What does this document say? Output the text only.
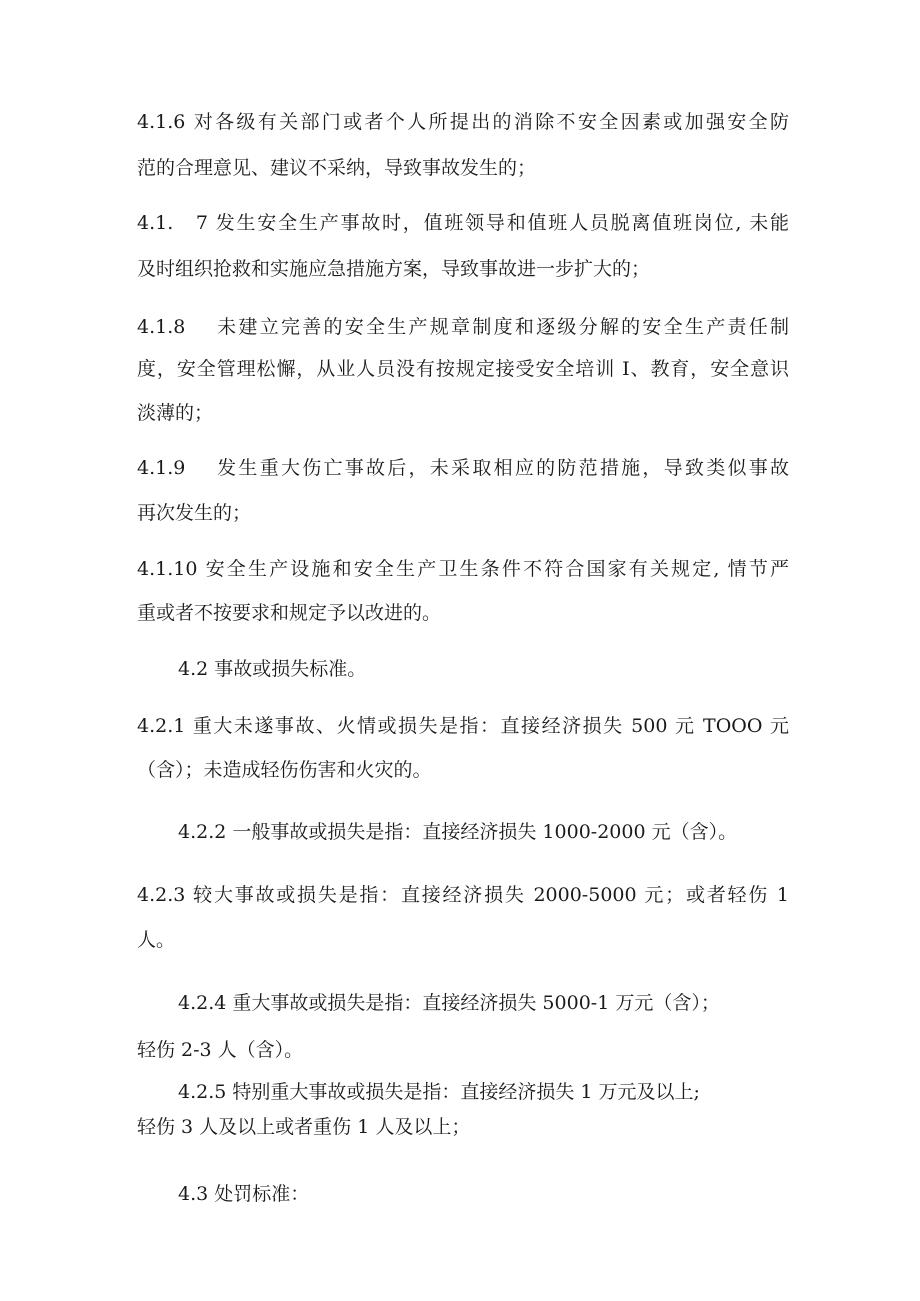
4.1.6 对各级有关部门或者个人所提出的消除不安全因素或加强安全防

范的合理意见、建议不采纳，导致事故发生的；

4.1.　7 发生安全生产事故时，值班领导和值班人员脱离值班岗位, 未能

及时组织抢救和实施应急措施方案，导致事故进一步扩大的；

4.1.8　 未建立完善的安全生产规章制度和逐级分解的安全生产责任制

度，安全管理松懈，从业人员没有按规定接受安全培训 I、教育，安全意识

淡薄的；

4.1.9　 发生重大伤亡事故后，未采取相应的防范措施，导致类似事故

再次发生的；

4.1.10 安全生产设施和安全生产卫生条件不符合国家有关规定, 情节严

重或者不按要求和规定予以改进的。

4.2 事故或损失标准。

4.2.1 重大未遂事故、火情或损失是指：直接经济损失 500 元 TOOO 元

（含）；未造成轻伤伤害和火灾的。

4.2.2 一般事故或损失是指：直接经济损失 1000-2000 元（含）。

4.2.3 较大事故或损失是指：直接经济损失 2000-5000 元；或者轻伤 1

人。

4.2.4 重大事故或损失是指：直接经济损失 5000-1 万元（含）；

轻伤 2-3 人（含）。

4.2.5 特别重大事故或损失是指：直接经济损失 1 万元及以上;

轻伤 3 人及以上或者重伤 1 人及以上；

4.3 处罚标准：
